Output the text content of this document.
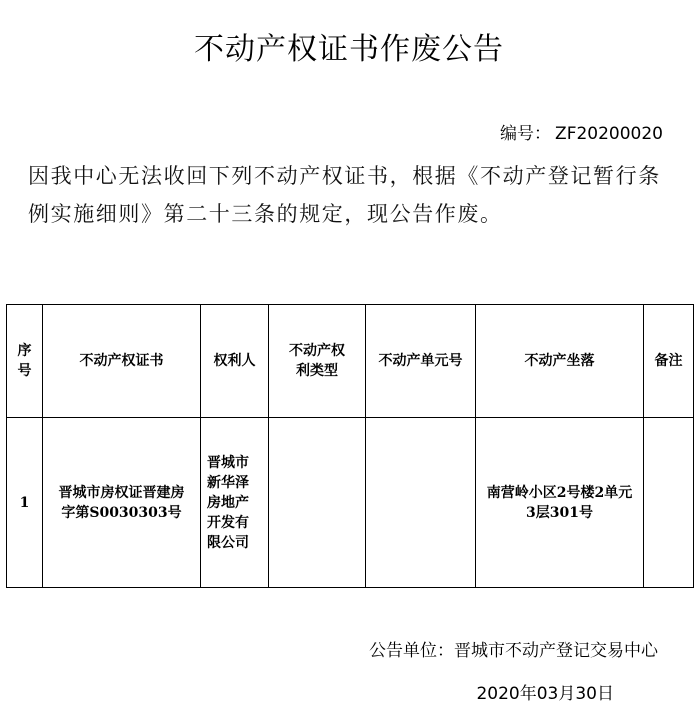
不动产权证书作废公告
编号： ZF20200020

因我中心无法收回下列不动产权证书，根据《不动产登记暂行条例实施细则》第二十三条的规定，现公告作废。

序号	不动产权证书	权利人	不动产权利类型	不动产单元号	不动产坐落	备注
1	晋城市房权证晋建房字第S0030303号	晋城市新华泽房地产开发有限公司			南营岭小区2号楼2单元3层301号	
公告单位：晋城市不动产登记交易中心
2020年03月30日
